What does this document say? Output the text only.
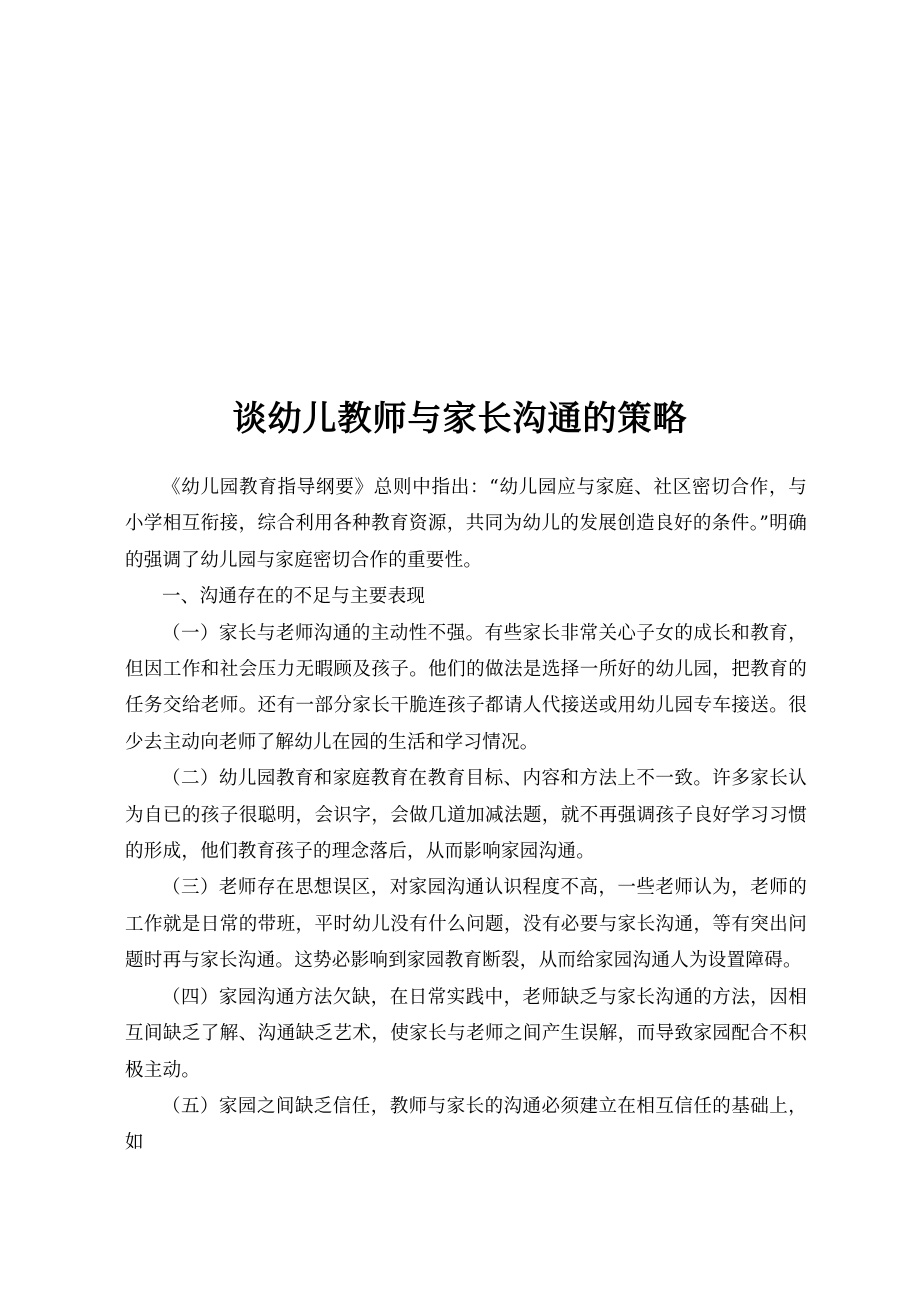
谈幼儿教师与家长沟通的策略

《幼儿园教育指导纲要》总则中指出：“幼儿园应与家庭、社区密切合作，与小学相互衔接，综合利用各种教育资源，共同为幼儿的发展创造良好的条件。”明确的强调了幼儿园与家庭密切合作的重要性。

一、沟通存在的不足与主要表现

（一）家长与老师沟通的主动性不强。有些家长非常关心子女的成长和教育，但因工作和社会压力无暇顾及孩子。他们的做法是选择一所好的幼儿园，把教育的任务交给老师。还有一部分家长干脆连孩子都请人代接送或用幼儿园专车接送。很少去主动向老师了解幼儿在园的生活和学习情况。

（二）幼儿园教育和家庭教育在教育目标、内容和方法上不一致。许多家长认为自已的孩子很聪明，会识字，会做几道加减法题，就不再强调孩子良好学习习惯的形成，他们教育孩子的理念落后，从而影响家园沟通。

（三）老师存在思想误区，对家园沟通认识程度不高，一些老师认为，老师的工作就是日常的带班，平时幼儿没有什么问题，没有必要与家长沟通，等有突出问题时再与家长沟通。这势必影响到家园教育断裂，从而给家园沟通人为设置障碍。

（四）家园沟通方法欠缺，在日常实践中，老师缺乏与家长沟通的方法，因相互间缺乏了解、沟通缺乏艺术，使家长与老师之间产生误解，而导致家园配合不积极主动。

（五）家园之间缺乏信任，教师与家长的沟通必须建立在相互信任的基础上，如
